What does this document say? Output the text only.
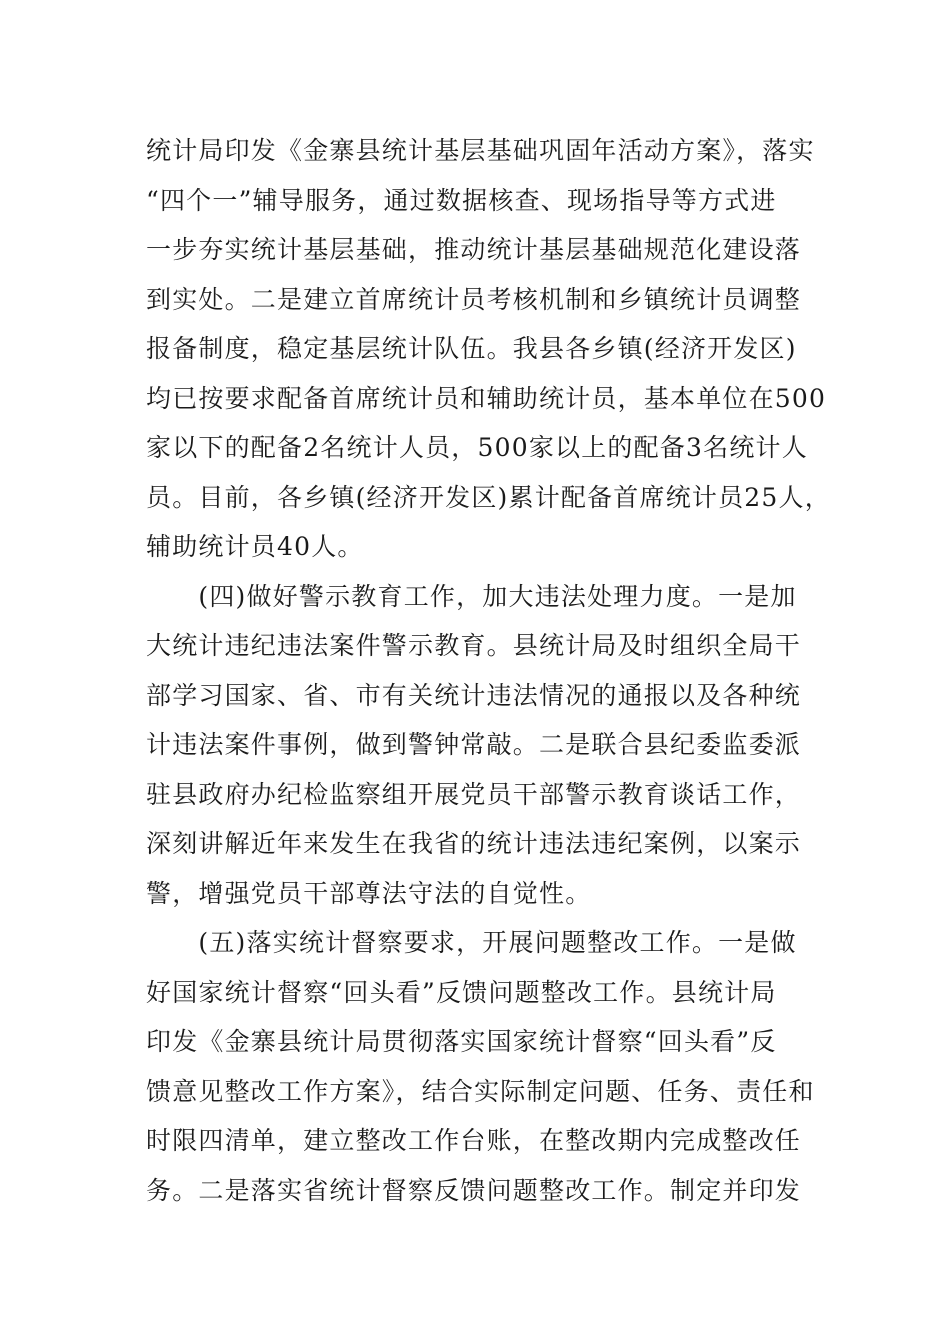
统计局印发《金寨县统计基层基础巩固年活动方案》，落实
“四个一”辅导服务，通过数据核查、现场指导等方式进
一步夯实统计基层基础，推动统计基层基础规范化建设落
到实处。二是建立首席统计员考核机制和乡镇统计员调整
报备制度，稳定基层统计队伍。我县各乡镇(经济开发区)
均已按要求配备首席统计员和辅助统计员，基本单位在500
家以下的配备2名统计人员，500家以上的配备3名统计人
员。目前，各乡镇(经济开发区)累计配备首席统计员25人，
辅助统计员40人。
　　(四)做好警示教育工作，加大违法处理力度。一是加
大统计违纪违法案件警示教育。县统计局及时组织全局干
部学习国家、省、市有关统计违法情况的通报以及各种统
计违法案件事例，做到警钟常敲。二是联合县纪委监委派
驻县政府办纪检监察组开展党员干部警示教育谈话工作，
深刻讲解近年来发生在我省的统计违法违纪案例，以案示
警，增强党员干部尊法守法的自觉性。
　　(五)落实统计督察要求，开展问题整改工作。一是做
好国家统计督察“回头看”反馈问题整改工作。县统计局
印发《金寨县统计局贯彻落实国家统计督察“回头看”反
馈意见整改工作方案》，结合实际制定问题、任务、责任和
时限四清单，建立整改工作台账，在整改期内完成整改任
务。二是落实省统计督察反馈问题整改工作。制定并印发
